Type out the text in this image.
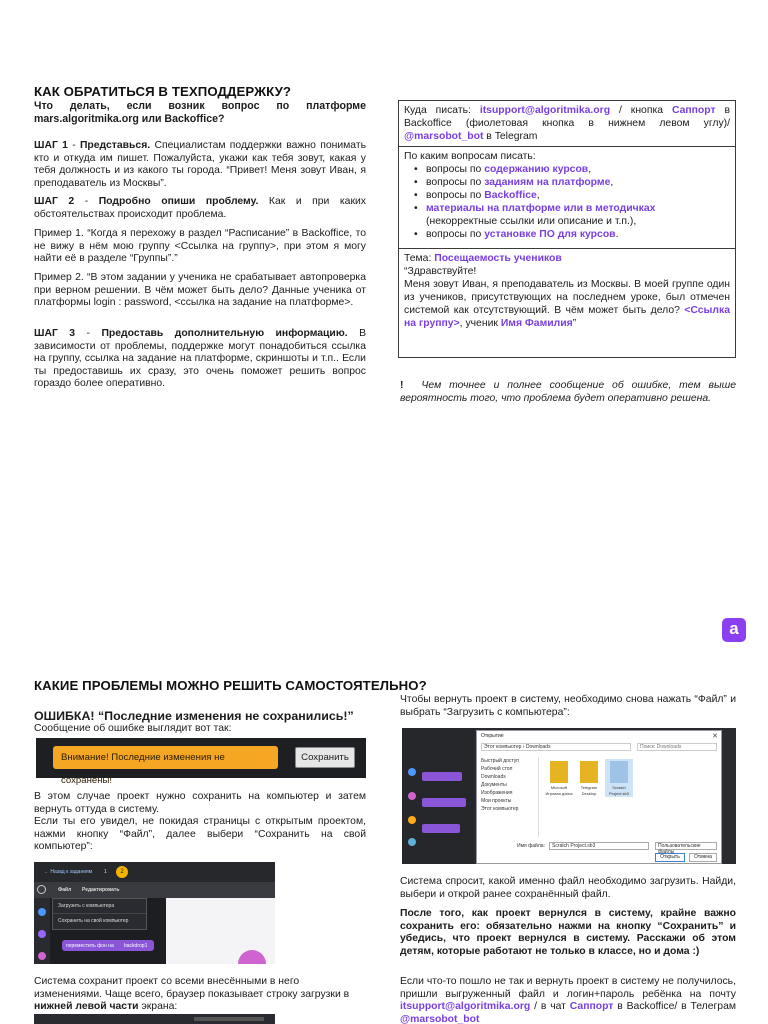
КАК ОБРАТИТЬСЯ В ТЕХПОДДЕРЖКУ?
Что делать, если возник вопрос по платформе mars.algoritmika.org или Backoffice?
ШАГ 1 - Представься. Специалистам поддержки важно понимать кто и откуда им пишет. Пожалуйста, укажи как тебя зовут, какая у тебя должность и из какого ты города. “Привет! Меня зовут Иван, я преподаватель из Москвы”.
ШАГ 2 - Подробно опиши проблему. Как и при каких обстоятельствах происходит проблема.
Пример 1. “Когда я перехожу в раздел “Расписание” в Backoffice, то не вижу в нём мою группу <Ссылка на группу>, при этом я могу найти её в разделе “Группы”.”
Пример 2. “В этом задании у ученика не срабатывает автопроверка при верном решении. В чём может быть дело? Данные ученика от платформы login : password, <ссылка на задание на платформе>.
ШАГ 3 - Предоставь дополнительную информацию. В зависимости от проблемы, поддержке могут понадобиться ссылка на группу, ссылка на задание на платформе, скриншоты и т.п.. Если ты предоставишь их сразу, это очень поможет решить вопрос гораздо более оперативно.
Куда писать: itsupport@algoritmika.org / кнопка Саппорт в Backoffice (фиолетовая кнопка в нижнем левом углу)/ @marsobot_bot в Telegram
По каким вопросам писать:
• вопросы по содержанию курсов,
• вопросы по заданиям на платформе,
• вопросы по Backoffice,
• материалы на платформе или в методичках
(некорректные ссылки или описание и т.п.),
• вопросы по установке ПО для курсов.
Тема: Посещаемость учеников
“Здравствуйте!
Меня зовут Иван, я преподаватель из Москвы. В моей группе один из учеников, присутствующих на последнем уроке, был отмечен системой как отсутствующий. В чём может быть дело? <Ссылка на группу>, ученик Имя Фамилия”
! Чем точнее и полнее сообщение об ошибке, тем выше вероятность того, что проблема будет оперативно решена.
a
КАКИЕ ПРОБЛЕМЫ МОЖНО РЕШИТЬ САМОСТОЯТЕЛЬНО?
ОШИБКА! “Последние изменения не сохранились!”
Сообщение об ошибке выглядит вот так:
Внимание! Последние изменения не сохранены!
Сохранить
В этом случае проект нужно сохранить на компьютер и затем вернуть оттуда в систему.
Если ты его увидел, не покидая страницы с открытым проектом, нажми кнопку “Файл”, далее выбери “Сохранить на свой компьютер”:
← Назад к заданиям 1	2
Файл Редактировать
Загрузить с компьютера
Сохранить на свой компьютер
переместить фон на backdrop1
Система сохранит проект со всеми внесёнными в него изменениями. Чаще всего, браузер показывает строку загрузки в нижней левой части экрана:
Чтобы вернуть проект в систему, необходимо снова нажать “Файл” и выбрать “Загрузить с компьютера”:
Открытие	✕
Этот компьютер › Downloads	Поиск: Downloads
Быстрый доступ
Рабочий стол
Downloads
Документы
Изображения
Мои проекты
Этот компьютер
Microsoft Игровая доска
Telegram Desktop
Scratch Project.sb3
Имя файла:	Scratch Project.sb3	Пользовательские файлы
Открыть	Отмена
Система спросит, какой именно файл необходимо загрузить. Найди, выбери и открой ранее сохранённый файл.
После того, как проект вернулся в систему, крайне важно сохранить его: обязательно нажми на кнопку “Сохранить” и убедись, что проект вернулся в систему. Расскажи об этом детям, которые работают не только в классе, но и дома :)
Если что-то пошло не так и вернуть проект в систему не получилось, пришли выгруженный файл и логин+пароль ребёнка на почту itsupport@algoritmika.org / в чат Саппорт в Backoffice/ в Телеграм @marsobot_bot
